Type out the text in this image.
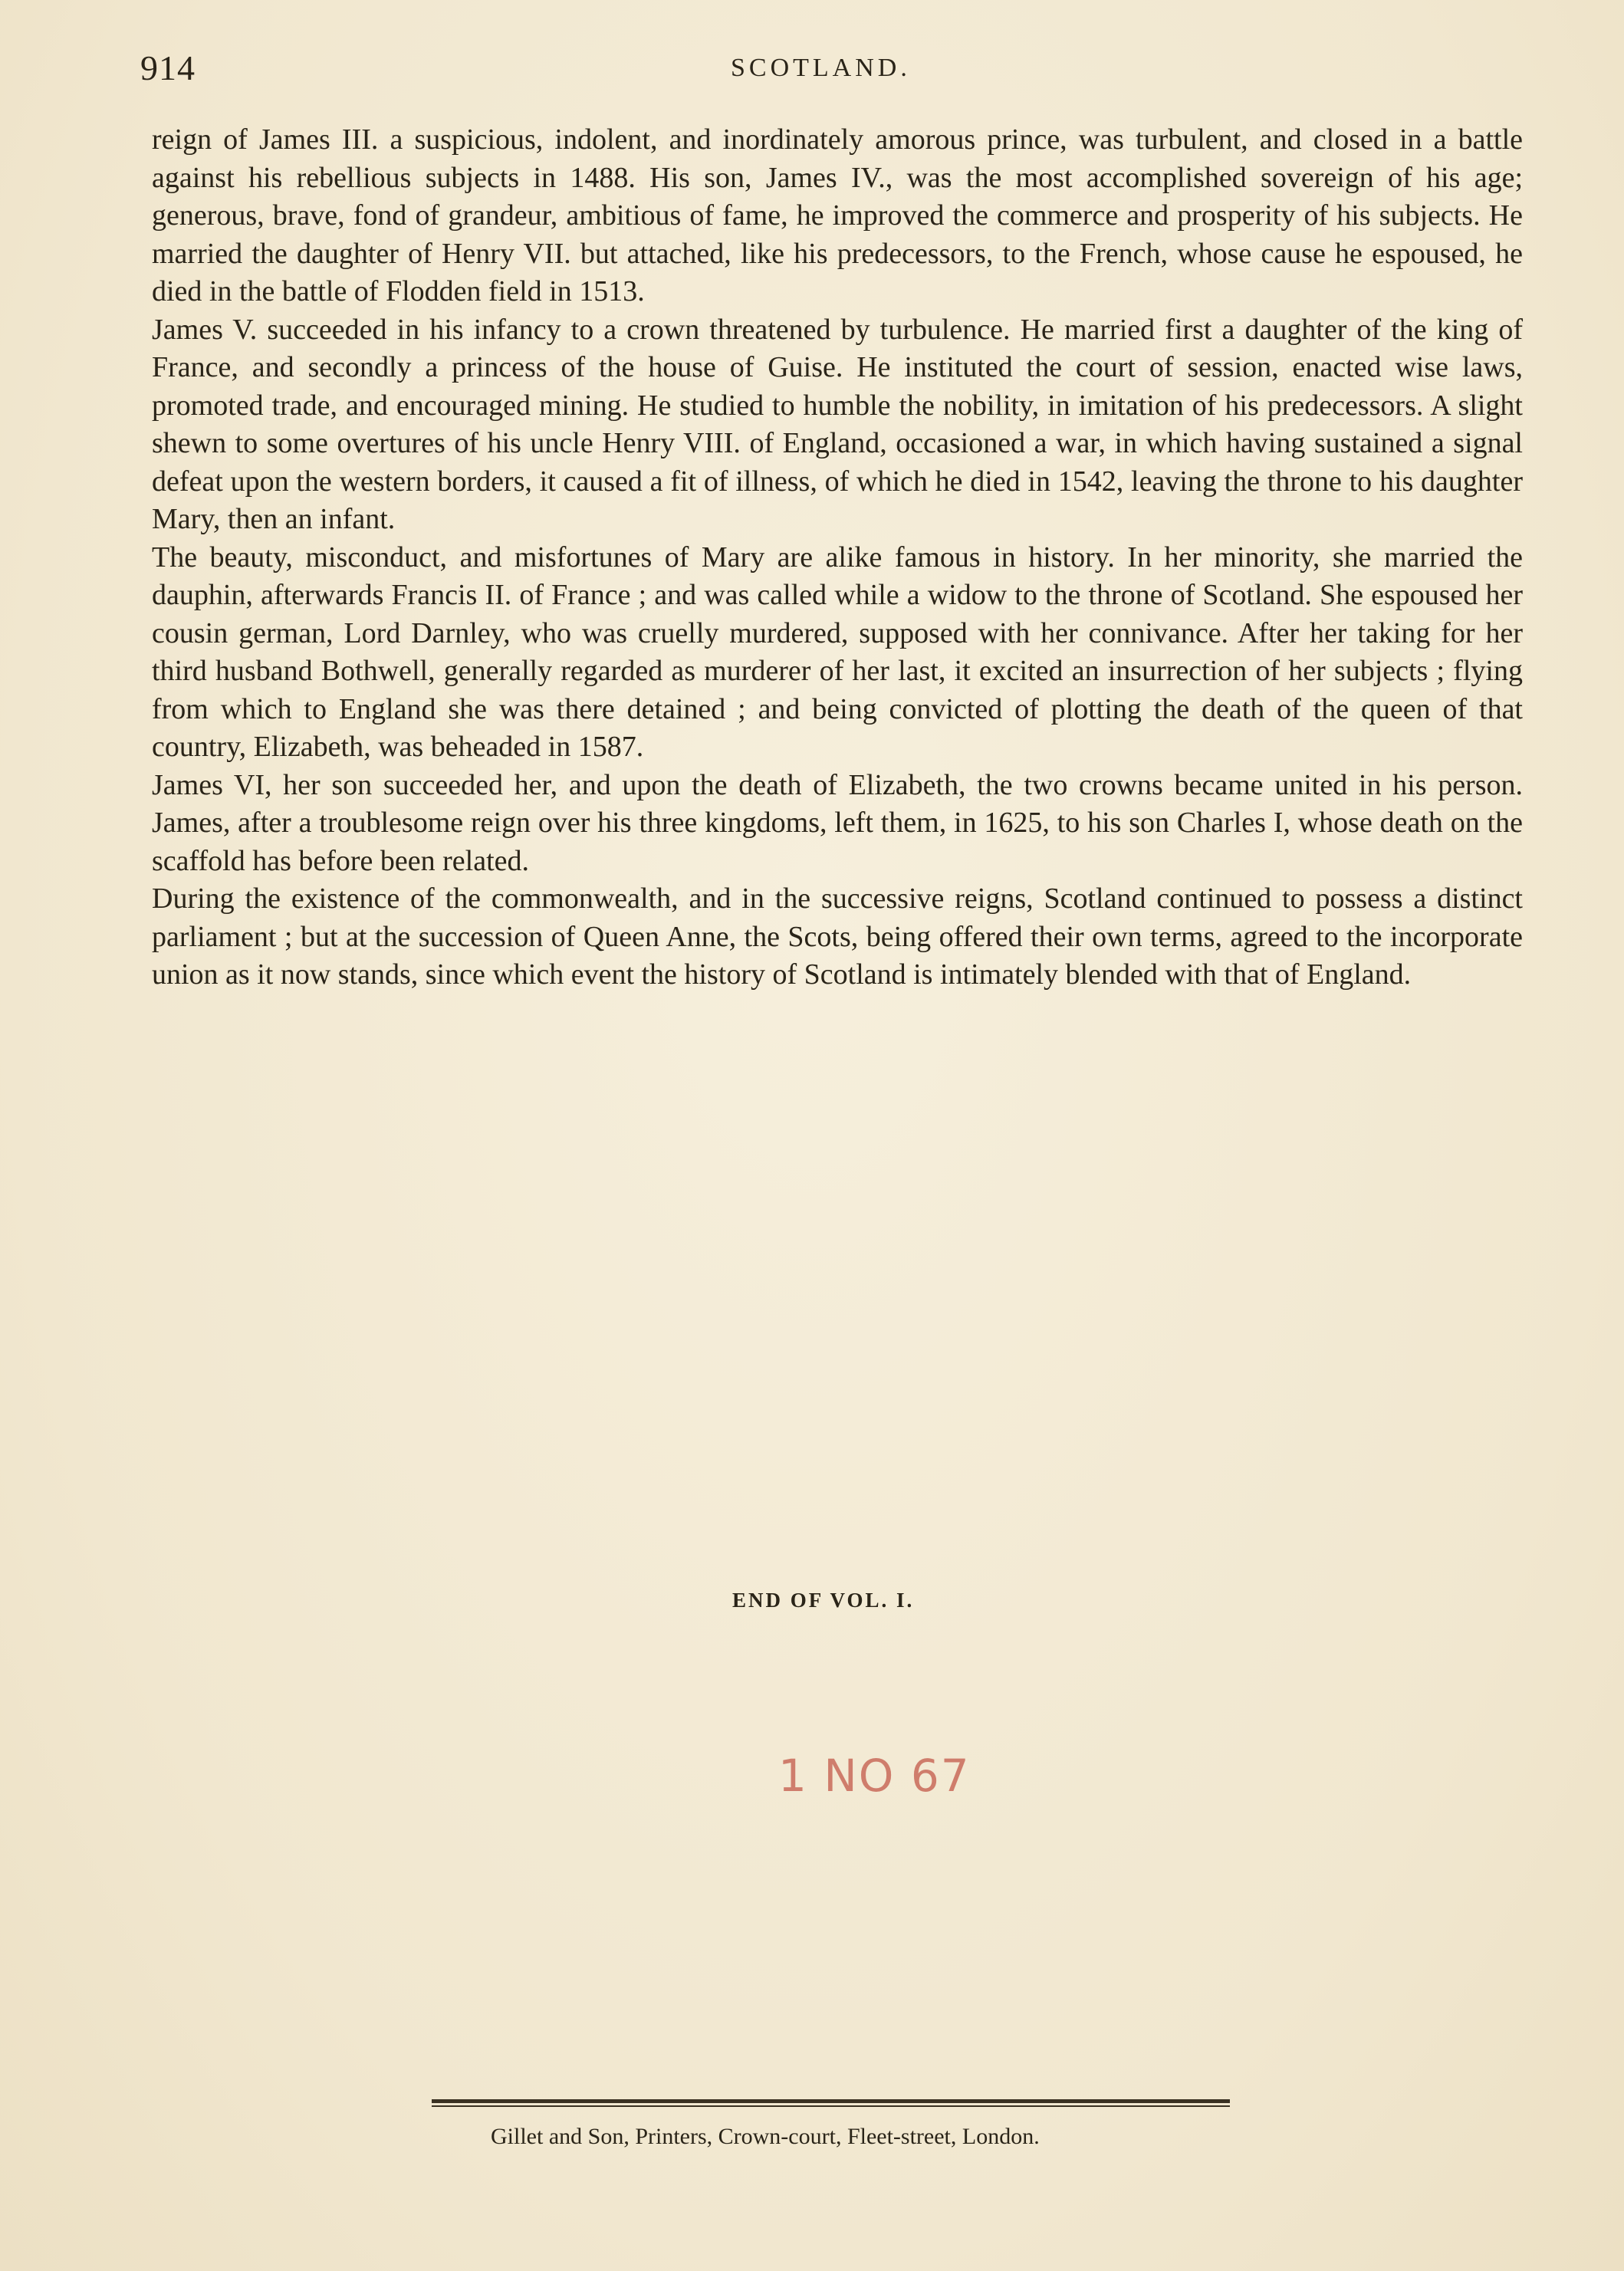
914	SCOTLAND.

reign of James III. a suspicious, indolent, and inordinately amorous prince, was turbulent, and closed in a battle against his rebellious subjects in 1488. His son, James IV., was the most accomplished sovereign of his age; generous, brave, fond of grandeur, ambitious of fame, he improved the commerce and prosperity of his subjects. He married the daughter of Henry VII. but attached, like his predecessors, to the French, whose cause he espoused, he died in the battle of Flodden field in 1513.

James V. succeeded in his infancy to a crown threatened by turbulence. He married first a daughter of the king of France, and secondly a princess of the house of Guise. He instituted the court of session, enacted wise laws, promoted trade, and encouraged mining. He studied to humble the nobility, in imitation of his predecessors. A slight shewn to some overtures of his uncle Henry VIII. of England, occasioned a war, in which having sustained a signal defeat upon the western borders, it caused a fit of illness, of which he died in 1542, leaving the throne to his daughter Mary, then an infant.

The beauty, misconduct, and misfortunes of Mary are alike famous in history. In her minority, she married the dauphin, afterwards Francis II. of France ; and was called while a widow to the throne of Scotland. She espoused her cousin german, Lord Darnley, who was cruelly murdered, supposed with her connivance. After her taking for her third husband Bothwell, generally regarded as murderer of her last, it excited an insurrection of her subjects ; flying from which to England she was there detained ; and being convicted of plotting the death of the queen of that country, Elizabeth, was beheaded in 1587.

James VI, her son succeeded her, and upon the death of Elizabeth, the two crowns became united in his person. James, after a troublesome reign over his three kingdoms, left them, in 1625, to his son Charles I, whose death on the scaffold has before been related.

During the existence of the commonwealth, and in the successive reigns, Scotland continued to possess a distinct parliament ; but at the succession of Queen Anne, the Scots, being offered their own terms, agreed to the incorporate union as it now stands, since which event the history of Scotland is intimately blended with that of England.

END OF VOL. I.
1 NO 67
Gillet and Son, Printers, Crown-court, Fleet-street, London.
